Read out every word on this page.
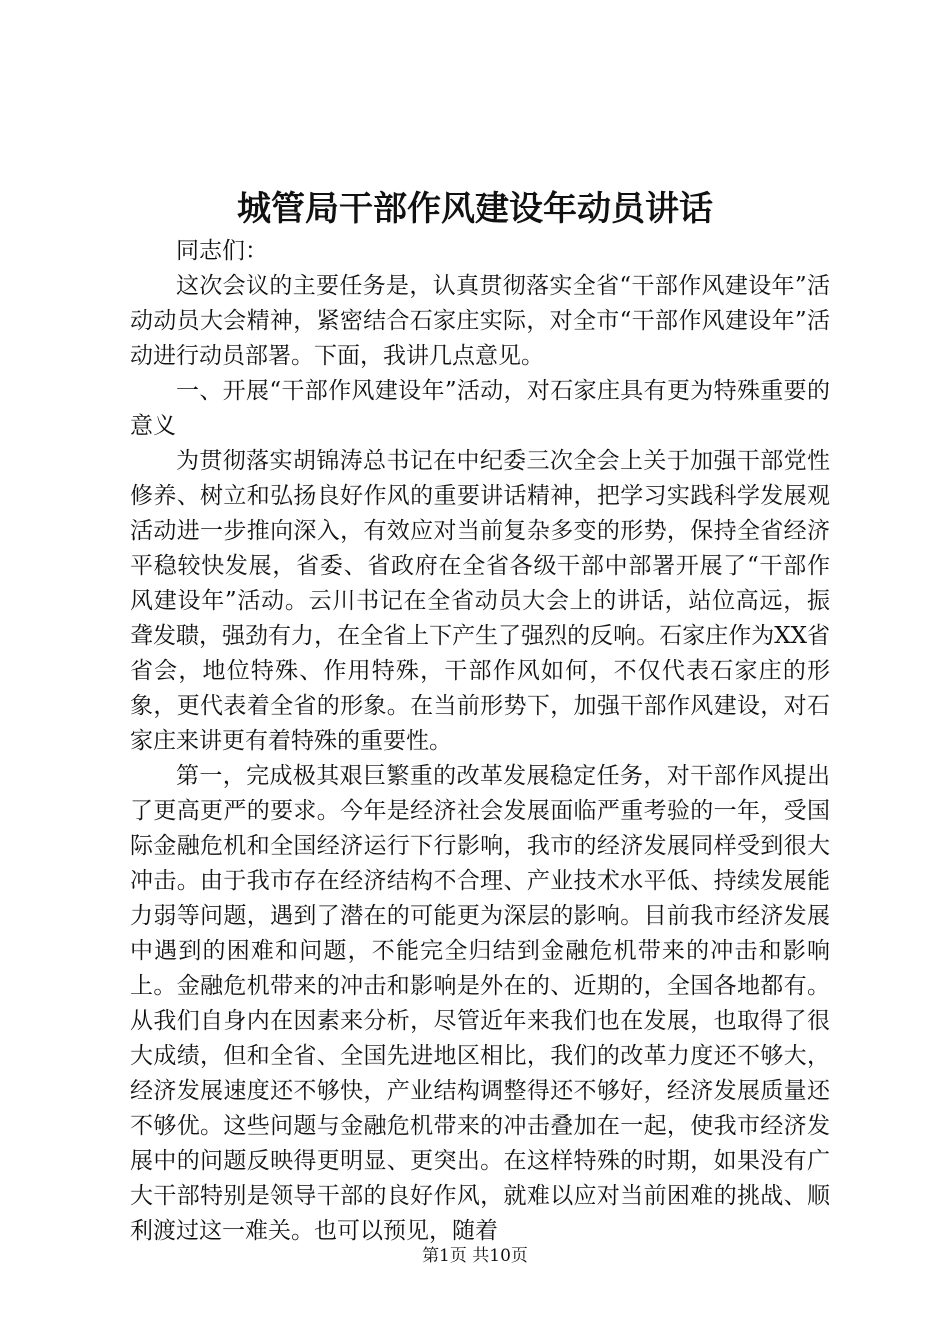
城管局干部作风建设年动员讲话

同志们：

这次会议的主要任务是，认真贯彻落实全省“干部作风建设年”活动动员大会精神，紧密结合石家庄实际，对全市“干部作风建设年”活动进行动员部署。下面，我讲几点意见。

一、开展“干部作风建设年”活动，对石家庄具有更为特殊重要的意义

为贯彻落实胡锦涛总书记在中纪委三次全会上关于加强干部党性修养、树立和弘扬良好作风的重要讲话精神，把学习实践科学发展观活动进一步推向深入，有效应对当前复杂多变的形势，保持全省经济平稳较快发展，省委、省政府在全省各级干部中部署开展了“干部作风建设年”活动。云川书记在全省动员大会上的讲话，站位高远，振聋发聩，强劲有力，在全省上下产生了强烈的反响。石家庄作为XX省省会，地位特殊、作用特殊，干部作风如何，不仅代表石家庄的形象，更代表着全省的形象。在当前形势下，加强干部作风建设，对石家庄来讲更有着特殊的重要性。

第一，完成极其艰巨繁重的改革发展稳定任务，对干部作风提出了更高更严的要求。今年是经济社会发展面临严重考验的一年，受国际金融危机和全国经济运行下行影响，我市的经济发展同样受到很大冲击。由于我市存在经济结构不合理、产业技术水平低、持续发展能力弱等问题，遇到了潜在的可能更为深层的影响。目前我市经济发展中遇到的困难和问题，不能完全归结到金融危机带来的冲击和影响上。金融危机带来的冲击和影响是外在的、近期的，全国各地都有。从我们自身内在因素来分析，尽管近年来我们也在发展，也取得了很大成绩，但和全省、全国先进地区相比，我们的改革力度还不够大，经济发展速度还不够快，产业结构调整得还不够好，经济发展质量还不够优。这些问题与金融危机带来的冲击叠加在一起，使我市经济发展中的问题反映得更明显、更突出。在这样特殊的时期，如果没有广大干部特别是领导干部的良好作风，就难以应对当前困难的挑战、顺利渡过这一难关。也可以预见，随着

第1页 共10页
